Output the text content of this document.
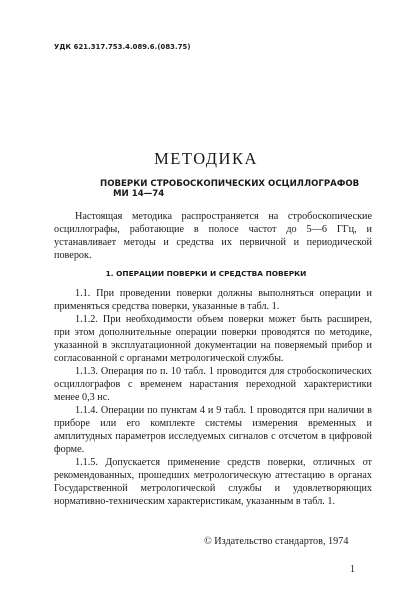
УДК 621.317.753.4.089.6.(083.75)
МЕТОДИКА
ПОВЕРКИ СТРОБОСКОПИЧЕСКИХ ОСЦИЛЛОГРАФОВ
МИ 14—74

Настоящая методика распространяется на стробоскопические осциллографы, работающие в полосе частот до 5—6 ГГц, и устанавливает методы и средства их первичной и периодической поверок.

1. ОПЕРАЦИИ ПОВЕРКИ И СРЕДСТВА ПОВЕРКИ

1.1. При проведении поверки должны выполняться операции и применяться средства поверки, указанные в табл. 1.

1.1.2. При необходимости объем поверки может быть расширен, при этом дополнительные операции поверки проводятся по методике, указанной в эксплуатационной документации на поверяемый прибор и согласованной с органами метрологической службы.

1.1.3. Операция по п. 10 табл. 1 проводится для стробоскопических осциллографов с временем нарастания переходной характеристики менее 0,3 нс.

1.1.4. Операции по пунктам 4 и 9 табл. 1 проводятся при наличии в приборе или его комплекте системы измерения временных и амплитудных параметров исследуемых сигналов с отсчетом в цифровой форме.

1.1.5. Допускается применение средств поверки, отличных от рекомендованных, прошедших метрологическую аттестацию в органах Государственной метрологической службы и удовлетворяющих нормативно-техническим характеристикам, указанным в табл. 1.

© Издательство стандартов, 1974
1
